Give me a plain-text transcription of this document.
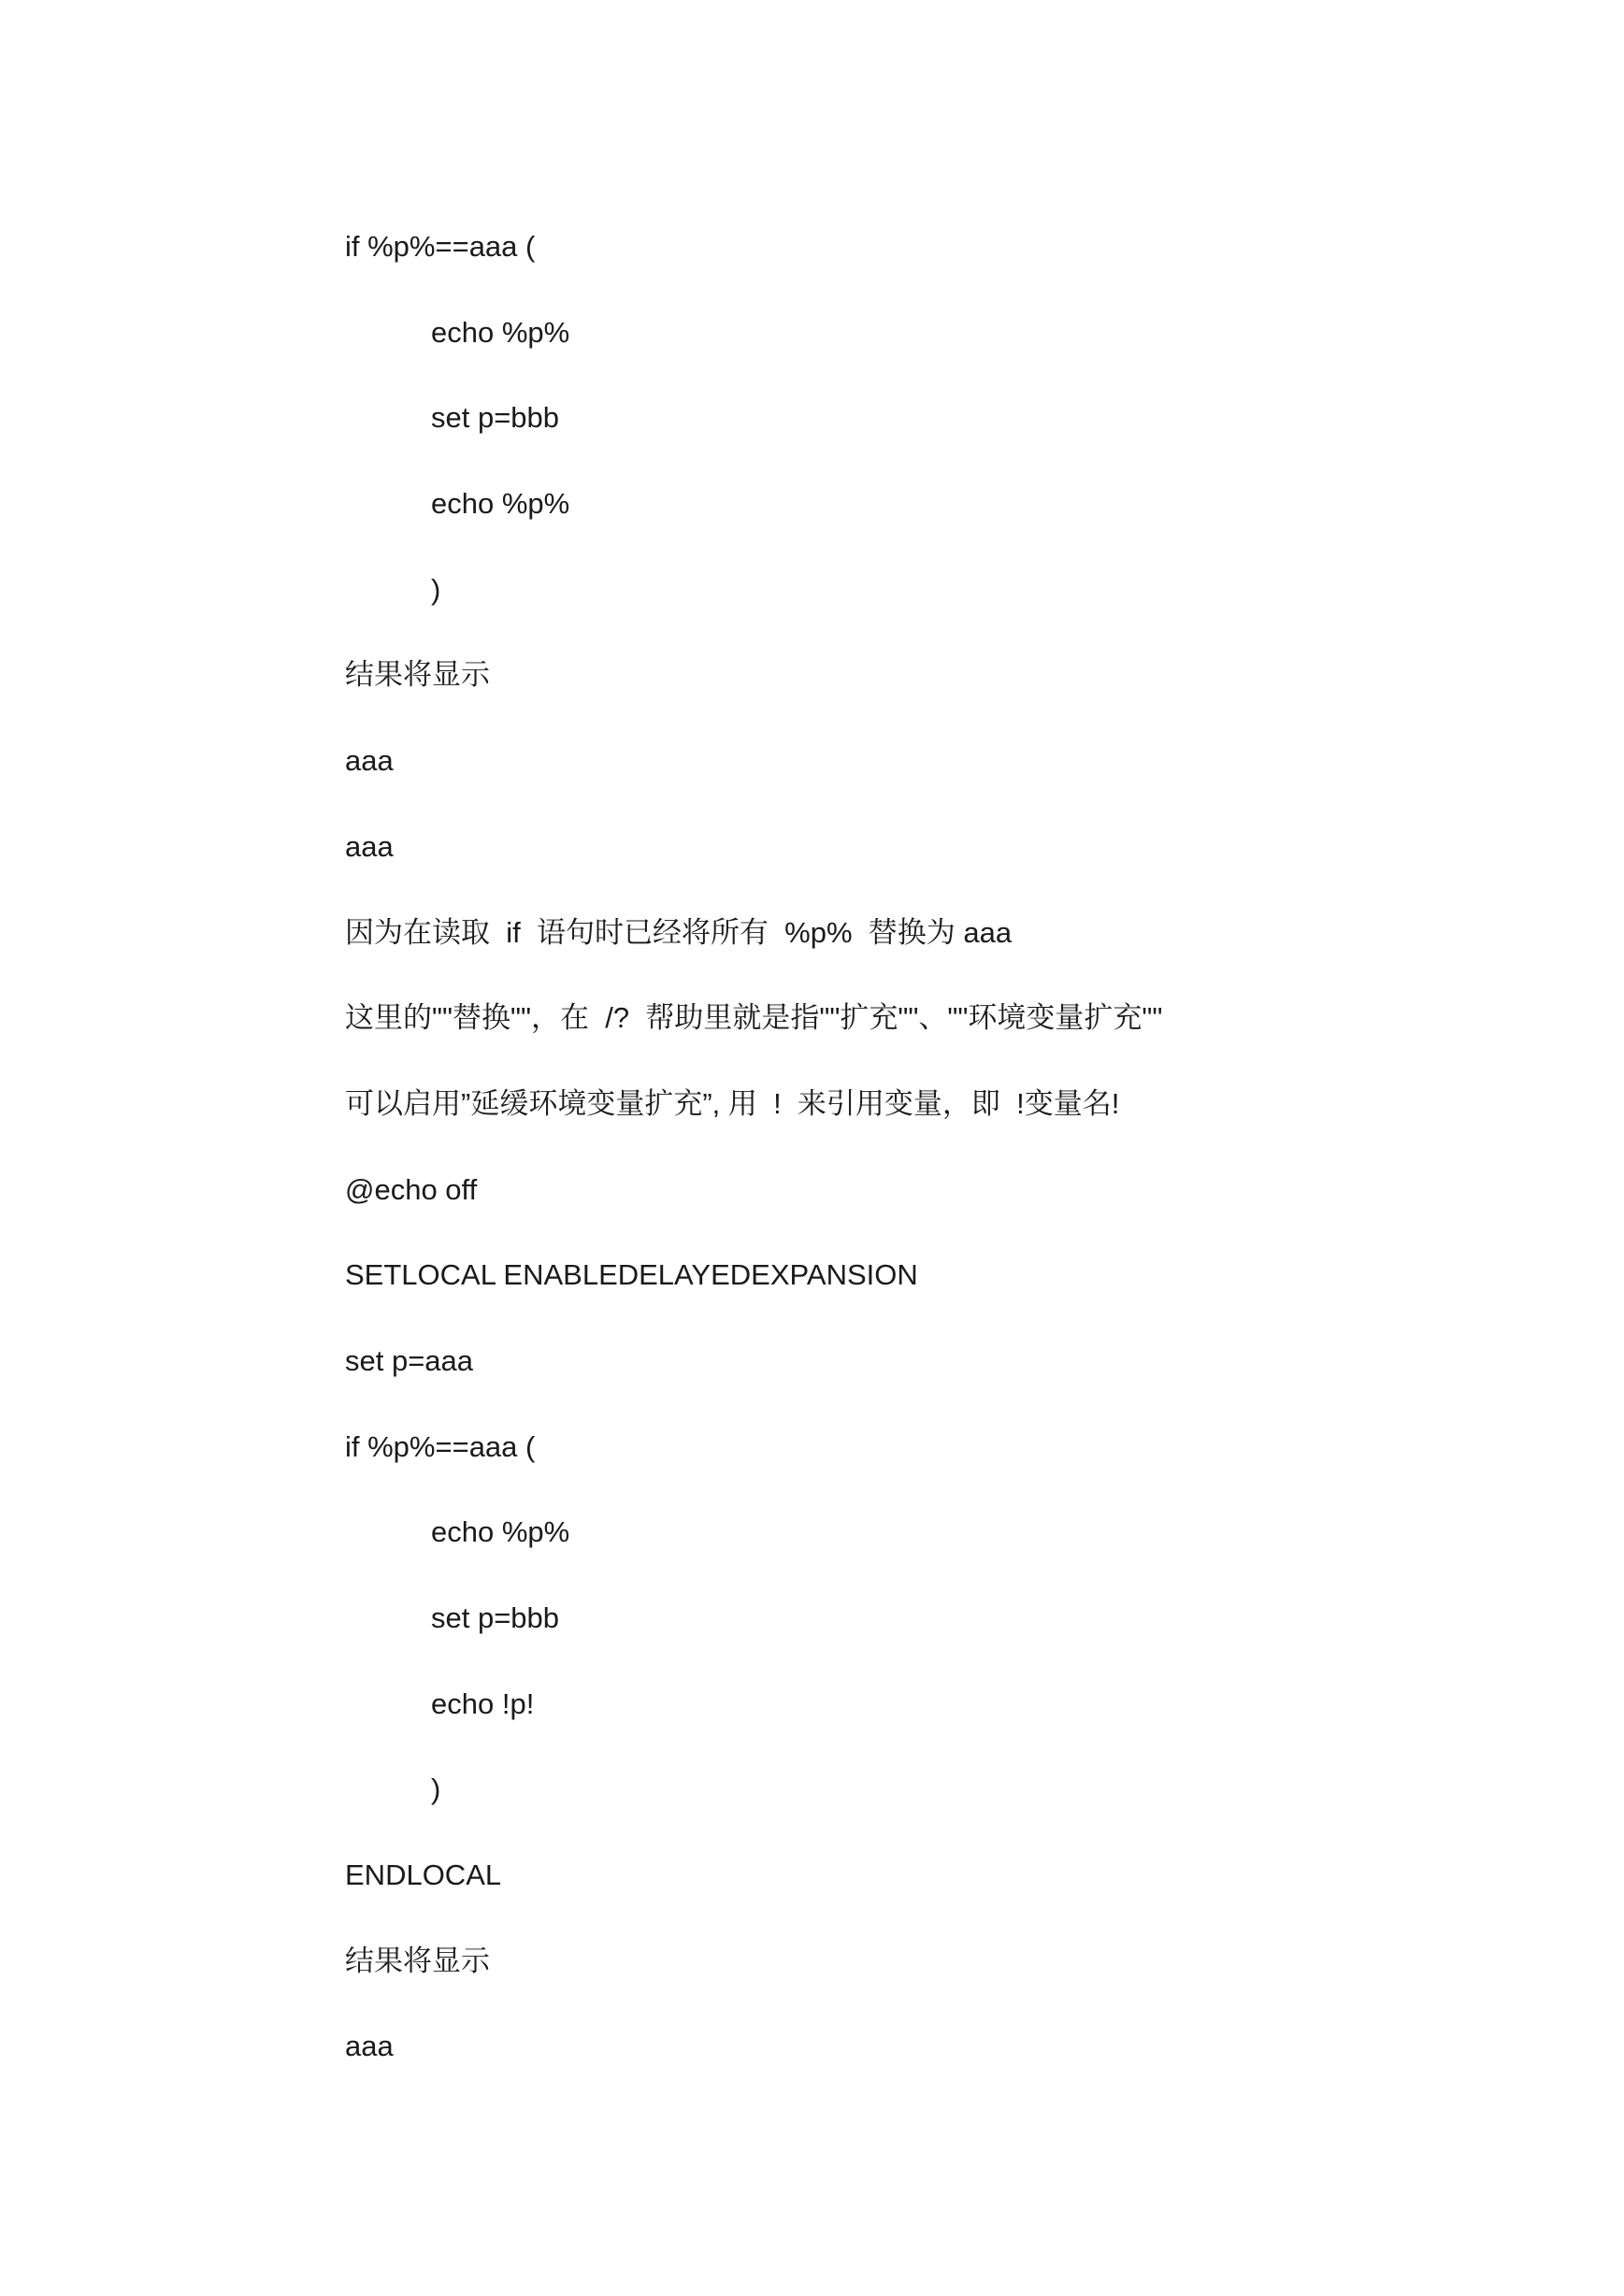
if %p%==aaa (

echo %p%

set p=bbb

echo %p%

)

结果将显示

aaa

aaa

因为在读取  if  语句时已经将所有  %p%  替换为 aaa

这里的""替换""，在  /?  帮助里就是指""扩充""、""环境变量扩充""

可以启用”延缓环境变量扩充”, 用  !  来引用变量，即  !变量名!

@echo off

SETLOCAL ENABLEDELAYEDEXPANSION

set p=aaa

if %p%==aaa (

echo %p%

set p=bbb

echo !p!

)

ENDLOCAL

结果将显示

aaa
